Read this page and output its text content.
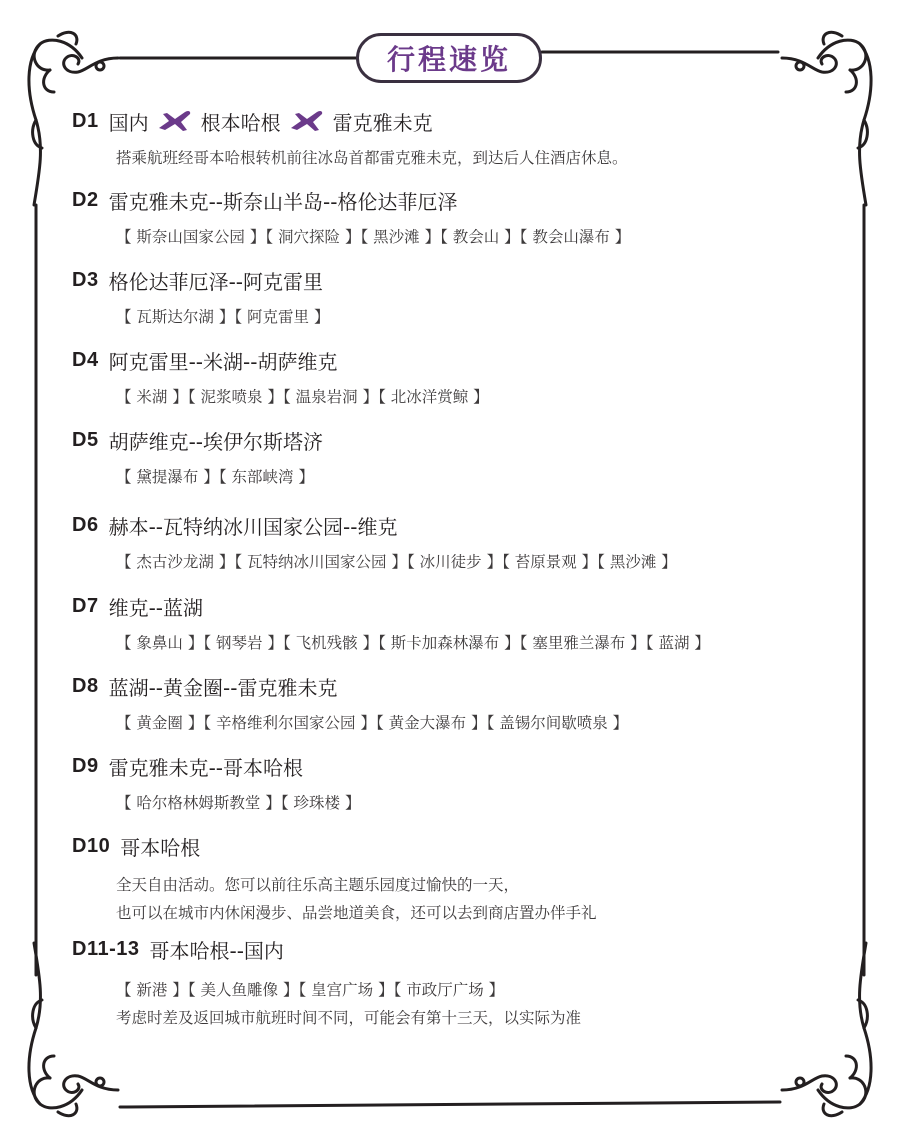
行程速览
D1 国内	根本哈根	雷克雅未克
搭乘航班经哥本哈根转机前往冰岛首都雷克雅未克，到达后人住酒店休息。
D2 雷克雅未克--斯奈山半岛--格伦达菲厄泽
【 斯奈山国家公园 】【 洞穴探险 】【 黑沙滩 】【 教会山 】【 教会山瀑布 】
D3 格伦达菲厄泽--阿克雷里
【 瓦斯达尔湖 】【 阿克雷里 】
D4 阿克雷里--米湖--胡萨维克
【 米湖 】【 泥浆喷泉 】【 温泉岩洞 】【 北冰洋赏鲸 】
D5 胡萨维克--埃伊尔斯塔济
【 黛提瀑布 】【 东部峡湾 】
D6 赫本--瓦特纳冰川国家公园--维克
【 杰古沙龙湖 】【 瓦特纳冰川国家公园 】【 冰川徒步 】【 苔原景观 】【 黑沙滩 】
D7 维克--蓝湖
【 象鼻山 】【 钢琴岩 】【 飞机残骸 】【 斯卡加森林瀑布 】【 塞里雅兰瀑布 】【 蓝湖 】
D8 蓝湖--黄金圈--雷克雅未克
【 黄金圈 】【 辛格维利尔国家公园 】【 黄金大瀑布 】【 盖锡尔间歇喷泉 】
D9 雷克雅未克--哥本哈根
【 哈尔格林姆斯教堂 】【 珍珠楼 】
D10 哥本哈根
全天自由活动。您可以前往乐高主题乐园度过愉快的一天，
也可以在城市内休闲漫步、品尝地道美食，还可以去到商店置办伴手礼
D11-13 哥本哈根--国内
【 新港 】【 美人鱼雕像 】【 皇宫广场 】【 市政厅广场 】
考虑时差及返回城市航班时间不同，可能会有第十三天，以实际为准
